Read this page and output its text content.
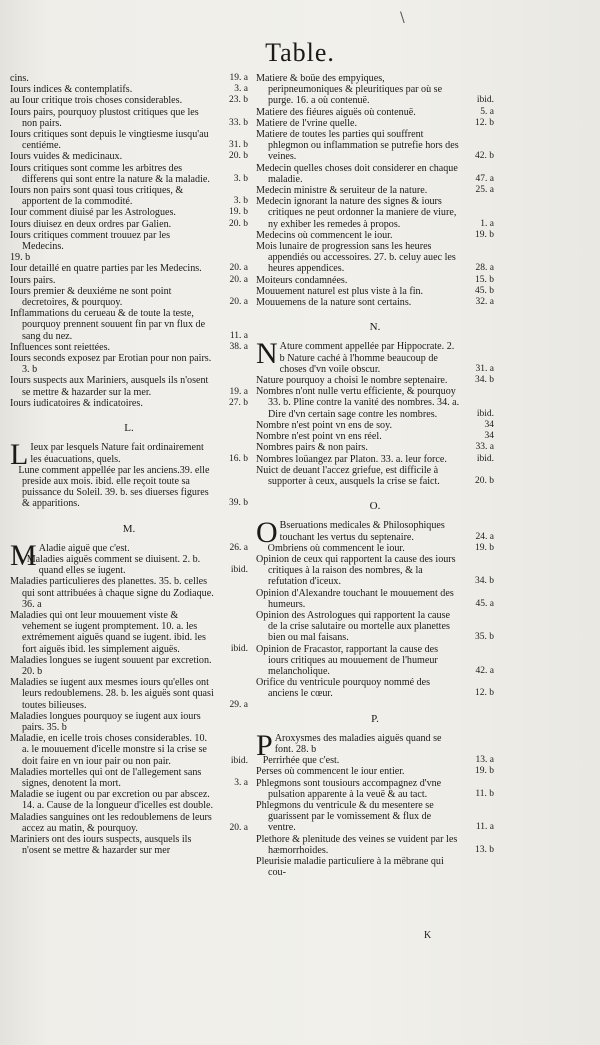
\
Table.
cins.	19. a
Iours indices & contemplatifs.	3. a
au Iour critique trois choses considerables.	23. b
Iours pairs, pourquoy plustost critiques que les non pairs.	33. b
Iours critiques sont depuis le vingtiesme iusqu'au centiéme.	31. b
Iours vuides & medicinaux.	20. b
Iours critiques sont comme les arbitres des differens qui sont entre la nature & la maladie.	3. b
Iours non pairs sont quasi tous critiques, & apportent de la commodité.	3. b
Iour comment diuisé par les Astrologues.	19. b
Iours diuisez en deux ordres par Galien.	20. b
Iours critiques comment trouuez par les Medecins.
19. b
Iour detaillé en quatre parties par les Medecins.	20. a
Iours pairs.	20. a
Iours premier & deuxiéme ne sont point decretoires, & pourquoy.	20. a
Inflammations du cerueau & de toute la teste, pourquoy prennent souuent fin par vn flux de sang du nez.	11. a
Influences sont reiettées.	38. a
Iours seconds exposez par Erotian pour non pairs. 3. b
Iours suspects aux Mariniers, ausquels ils n'osent se mettre & hazarder sur la mer.	19. a
Iours iudicatoires & indicatoires.	27. b
L.
L Ieux par lesquels Nature fait ordinairement les éuacuations, quels.	16. b
Lune comment appellée par les anciens.39. elle preside aux mois. ibid. elle reçoit toute sa puissance du Soleil. 39. b. ses diuerses figures & apparitions.	39. b
M.
M Aladie aiguë que c'est.	26. a
Maladies aiguës comment se diuisent. 2. b. quand elles se iugent.	ibid.
Maladies particulieres des planettes. 35. b. celles qui sont attribuées à chaque signe du Zodiaque. 36. a
Maladies qui ont leur mouuement viste & vehement se iugent promptement. 10. a. les extrémement aiguës quand se iugent. ibid. les fort aiguës ibid. les simplement aiguës.	ibid.
Maladies longues se iugent souuent par excretion. 20. b
Maladies se iugent aux mesmes iours qu'elles ont leurs redoublemens. 28. b. les aiguës sont quasi toutes bilieuses.	29. a
Maladies longues pourquoy se iugent aux iours pairs. 35. b
Maladie, en icelle trois choses considerables. 10. a. le mouuement d'icelle monstre si la crise se doit faire en vn iour pair ou non pair.	ibid.
Maladies mortelles qui ont de l'allegement sans signes, denotent la mort.	3. a
Maladie se iugent ou par excretion ou par abscez. 14. a. Cause de la longueur d'icelles est double.
Maladies sanguines ont les redoublemens de leurs accez au matin, & pourquoy.	20. a
Mariniers ont des iours suspects, ausquels ils n'osent se mettre & hazarder sur mer
Matiere & boüe des empyiques, peripneumoniques & pleuritiques par où se purge. 16. a où contenuë.	ibid.
Matiere des fiéures aiguës où contenuë.	5. a
Matiere de l'vrine quelle.	12. b
Matiere de toutes les parties qui souffrent phlegmon ou inflammation se putrefie hors des veines.	42. b
Medecin quelles choses doit considerer en chaque maladie.	47. a
Medecin ministre & seruiteur de la nature.	25. a
Medecin ignorant la nature des signes & iours critiques ne peut ordonner la maniere de viure, ny exhiber les remedes à propos.	1. a
Medecins où commencent le iour.	19. b
Mois lunaire de progression sans les heures appendiés ou accessoires. 27. b. celuy auec les heures appendices.	28. a
Moiteurs condamnées.	15. b
Mouuement naturel est plus viste à la fin.	45. b
Mouuemens de la nature sont certains.	32. a
N.
N Ature comment appellée par Hippocrate. 2. b Nature caché à l'homme beaucoup de choses d'vn voile obscur.	31. a
Nature pourquoy a choisi le nombre septenaire.	34. b
Nombres n'ont nulle vertu efficiente, & pourquoy 33. b. Pline contre la vanité des nombres. 34. a. Dire d'vn certain sage contre les nombres.	ibid.
Nombre n'est point vn ens de soy.	34
Nombre n'est point vn ens réel.	34
Nombres pairs & non pairs.	33. a
Nombres loüangez par Platon. 33. a. leur force.	ibid.
Nuict de deuant l'accez griefue, est difficile à supporter à ceux, ausquels la crise se faict.	20. b
O.
O Bseruations medicales & Philosophiques touchant les vertus du septenaire.	24. a
Ombriens où commencent le iour.	19. b
Opinion de ceux qui rapportent la cause des iours critiques à la raison des nombres, & la refutation d'iceux.	34. b
Opinion d'Alexandre touchant le mouuement des humeurs.	45. a
Opinion des Astrologues qui rapportent la cause de la crise salutaire ou mortelle aux planettes bien ou mal faisans.	35. b
Opinion de Fracastor, rapportant la cause des iours critiques au mouuement de l'humeur melancholique.	42. a
Orifice du ventricule pourquoy nommé des anciens le cœur.	12. b
P.
P Aroxysmes des maladies aiguës quand se font. 28. b
Perrirhée que c'est.	13. a
Perses où commencent le iour entier.	19. b
Phlegmons sont tousiours accompagnez d'vne pulsation apparente à la veuë & au tact.	11. b
Phlegmons du ventricule & du mesentere se guarissent par le vomissement & flux de ventre.	11. a
Plethore & plenitude des veines se vuident par les hæmorrhoides.	13. b
Pleurisie maladie particuliere à la mëbrane qui cou-
K
